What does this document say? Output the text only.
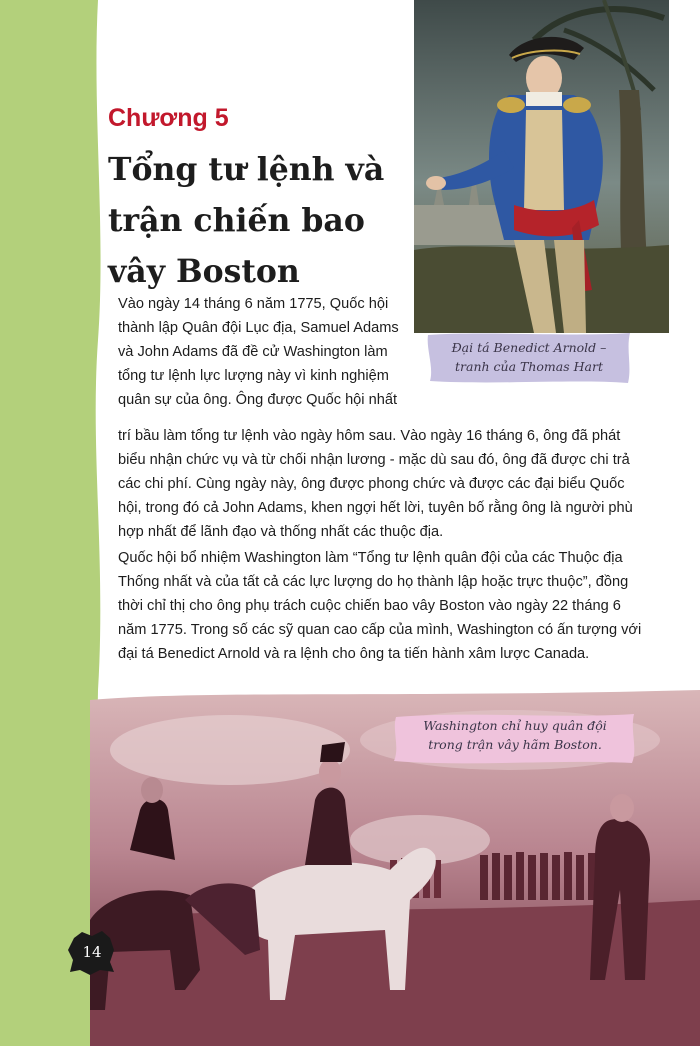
Đại tá Benedict Arnold –
tranh của Thomas Hart

Chương 5
Tổng tư lệnh và trận chiến bao vây Boston

Vào ngày 14 tháng 6 năm 1775, Quốc hội thành lập Quân đội Lục địa, Samuel Adams và John Adams đã đề cử Washington làm tổng tư lệnh lực lượng này vì kinh nghiệm quân sự của ông. Ông được Quốc hội nhất

trí bầu làm tổng tư lệnh vào ngày hôm sau. Vào ngày 16 tháng 6, ông đã phát biểu nhận chức vụ và từ chối nhận lương - mặc dù sau đó, ông đã được chi trả các chi phí. Cùng ngày này, ông được phong chức và được các đại biểu Quốc hội, trong đó cả John Adams, khen ngợi hết lời, tuyên bố rằng ông là người phù hợp nhất để lãnh đạo và thống nhất các thuộc địa.

Quốc hội bổ nhiệm Washington làm “Tổng tư lệnh quân đội của các Thuộc địa Thống nhất và của tất cả các lực lượng do họ thành lập hoặc trực thuộc”, đồng thời chỉ thị cho ông phụ trách cuộc chiến bao vây Boston vào ngày 22 tháng 6 năm 1775. Trong số các sỹ quan cao cấp của mình, Washington có ấn tượng với đại tá Benedict Arnold và ra lệnh cho ông ta tiến hành xâm lược Canada.

Washington chỉ huy quân đội
trong trận vây hãm Boston.

14
